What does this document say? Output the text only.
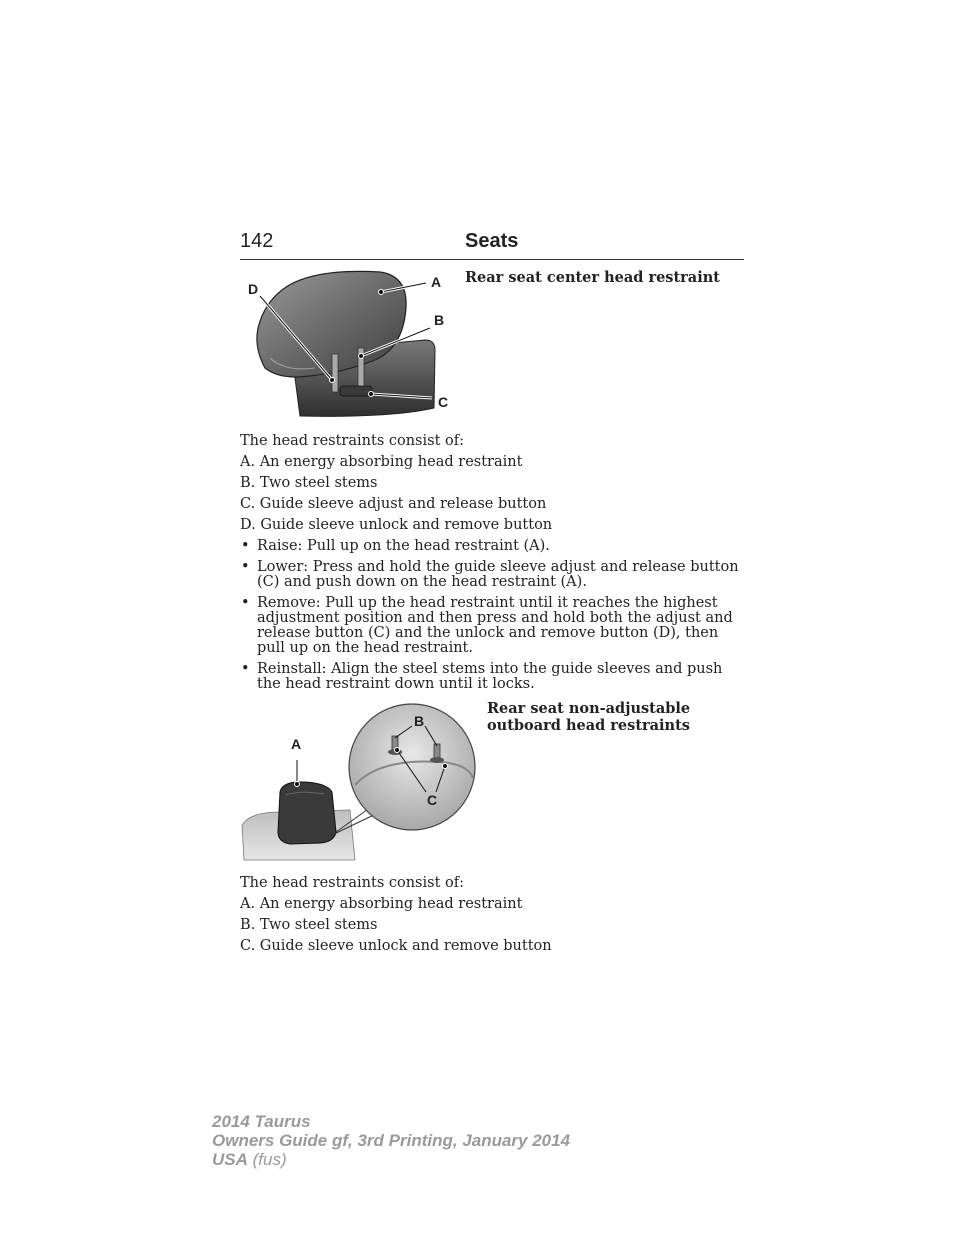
142	Seats
A
B
C
D
Rear seat center head restraint

The head restraints consist of:

A. An energy absorbing head restraint

B. Two steel stems

C. Guide sleeve adjust and release button

D. Guide sleeve unlock and remove button

• Raise: Pull up on the head restraint (A).
• Lower: Press and hold the guide sleeve adjust and release button (C) and push down on the head restraint (A).
• Remove: Pull up the head restraint until it reaches the highest adjustment position and then press and hold both the adjust and release button (C) and the unlock and remove button (D), then pull up on the head restraint.
• Reinstall: Align the steel stems into the guide sleeves and push the head restraint down until it locks.
A
B
C
Rear seat non-adjustable
outboard head restraints

The head restraints consist of:

A. An energy absorbing head restraint

B. Two steel stems

C. Guide sleeve unlock and remove button

2014 Taurus
Owners Guide gf, 3rd Printing, January 2014
USA (fus)
